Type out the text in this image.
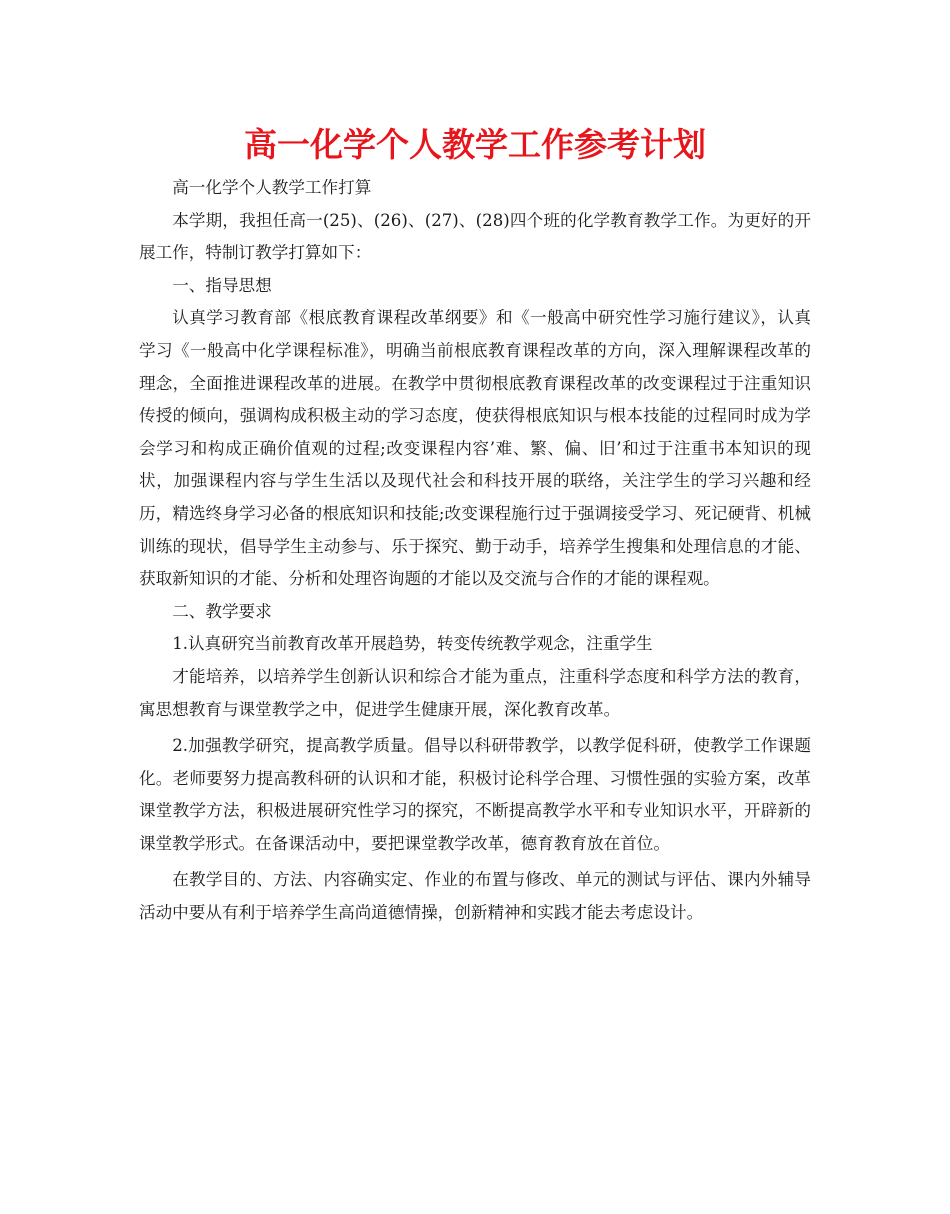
高一化学个人教学工作参考计划

高一化学个人教学工作打算

本学期，我担任高一(25)、(26)、(27)、(28)四个班的化学教育教学工作。为更好的开展工作，特制订教学打算如下：

一、指导思想

认真学习教育部《根底教育课程改革纲要》和《一般高中研究性学习施行建议》，认真学习《一般高中化学课程标准》，明确当前根底教育课程改革的方向，深入理解课程改革的理念，全面推进课程改革的进展。在教学中贯彻根底教育课程改革的改变课程过于注重知识传授的倾向，强调构成积极主动的学习态度，使获得根底知识与根本技能的过程同时成为学会学习和构成正确价值观的过程;改变课程内容’难、繁、偏、旧’和过于注重书本知识的现状，加强课程内容与学生生活以及现代社会和科技开展的联络，关注学生的学习兴趣和经历，精选终身学习必备的根底知识和技能;改变课程施行过于强调接受学习、死记硬背、机械训练的现状，倡导学生主动参与、乐于探究、勤于动手，培养学生搜集和处理信息的才能、获取新知识的才能、分析和处理咨询题的才能以及交流与合作的才能的课程观。

二、教学要求

1.认真研究当前教育改革开展趋势，转变传统教学观念，注重学生

才能培养，以培养学生创新认识和综合才能为重点，注重科学态度和科学方法的教育，寓思想教育与课堂教学之中，促进学生健康开展，深化教育改革。

2.加强教学研究，提高教学质量。倡导以科研带教学，以教学促科研，使教学工作课题化。老师要努力提高教科研的认识和才能，积极讨论科学合理、习惯性强的实验方案，改革课堂教学方法，积极进展研究性学习的探究，不断提高教学水平和专业知识水平，开辟新的课堂教学形式。在备课活动中，要把课堂教学改革，德育教育放在首位。

在教学目的、方法、内容确实定、作业的布置与修改、单元的测试与评估、课内外辅导活动中要从有利于培养学生高尚道德情操，创新精神和实践才能去考虑设计。
